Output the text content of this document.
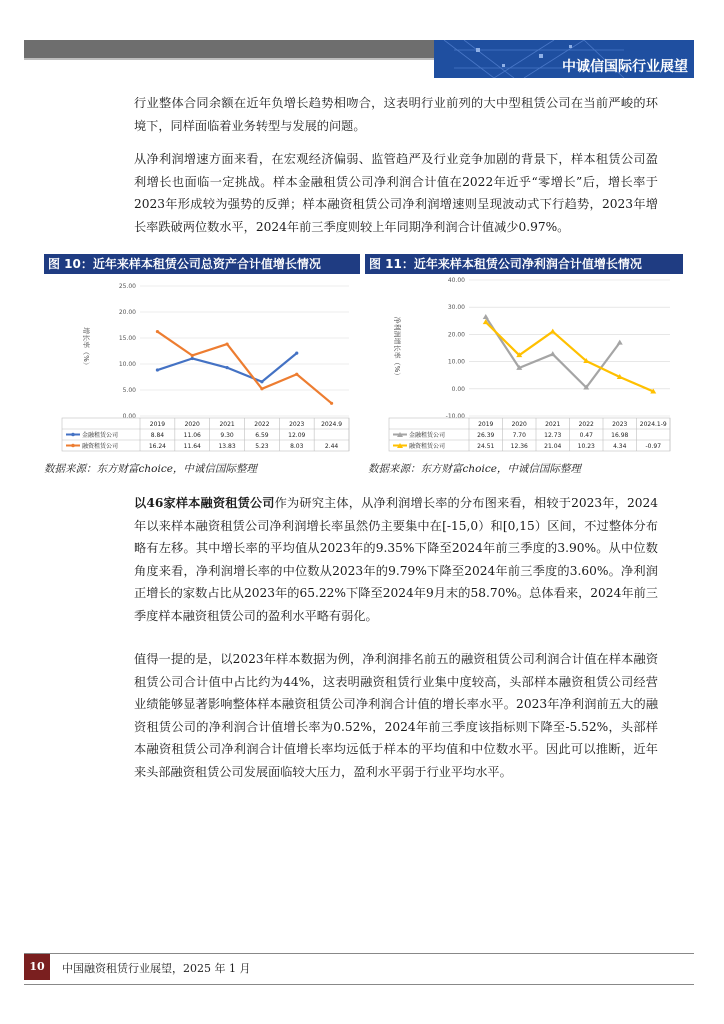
中诚信国际行业展望

行业整体合同余额在近年负增长趋势相吻合，这表明行业前列的大中型租赁公司在当前严峻的环境下，同样面临着业务转型与发展的问题。

从净利润增速方面来看，在宏观经济偏弱、监管趋严及行业竞争加剧的背景下，样本租赁公司盈利增长也面临一定挑战。样本金融租赁公司净利润合计值在2022年近乎“零增长”后，增长率于2023年形成较为强势的反弹；样本融资租赁公司净利润增速则呈现波动式下行趋势，2023年增长率跌破两位数水平，2024年前三季度则较上年同期净利润合计值减少0.97%。

图 10：近年来样本租赁公司总资产合计值增长情况	图 11：近年来样本租赁公司净利润合计值增长情况
增长率（%）
25.00
20.00
15.00
10.00
5.00
0.00
2019	2020	2021	2022	2023	2024.9
金融租赁公司	8.84	11.06	9.30	6.59	12.09
融资租赁公司	16.24	11.64	13.83	5.23	8.03	2.44
数据来源：东方财富choice，中诚信国际整理
净利润增长率（%）
40.00
30.00
20.00
10.00
0.00
-10.00
2019	2020	2021	2022	2023 2024.1-9
金融租赁公司	26.39	7.70	12.73	0.47	16.98
融资租赁公司	24.51	12.36	21.04	10.23	4.34	-0.97
数据来源：东方财富choice，中诚信国际整理

以46家样本融资租赁公司作为研究主体，从净利润增长率的分布图来看，相较于2023年，2024年以来样本融资租赁公司净利润增长率虽然仍主要集中在[-15,0）和[0,15）区间，不过整体分布略有左移。其中增长率的平均值从2023年的9.35%下降至2024年前三季度的3.90%。从中位数角度来看，净利润增长率的中位数从2023年的9.79%下降至2024年前三季度的3.60%。净利润正增长的家数占比从2023年的65.22%下降至2024年9月末的58.70%。总体看来，2024年前三季度样本融资租赁公司的盈利水平略有弱化。

值得一提的是，以2023年样本数据为例，净利润排名前五的融资租赁公司利润合计值在样本融资租赁公司合计值中占比约为44%，这表明融资租赁行业集中度较高，头部样本融资租赁公司经营业绩能够显著影响整体样本融资租赁公司净利润合计值的增长率水平。2023年净利润前五大的融资租赁公司的净利润合计值增长率为0.52%，2024年前三季度该指标则下降至-5.52%，头部样本融资租赁公司净利润合计值增长率均远低于样本的平均值和中位数水平。因此可以推断，近年来头部融资租赁公司发展面临较大压力，盈利水平弱于行业平均水平。

10	中国融资租赁行业展望，2025 年 1 月
